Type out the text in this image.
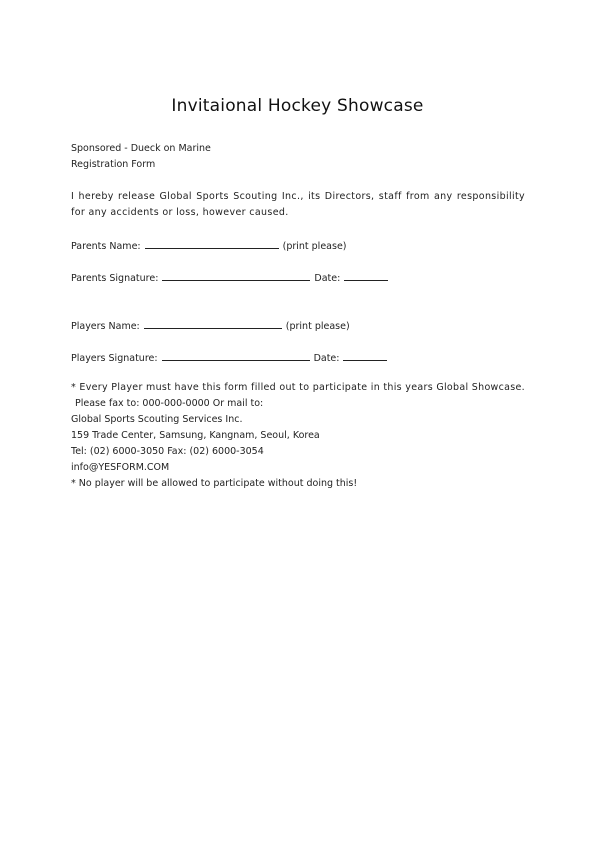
Invitaional Hockey Showcase
Sponsored - Dueck on Marine
Registration Form
I hereby release Global Sports Scouting Inc., its Directors, staff from any responsibility for any accidents or loss, however caused.
Parents Name:	(print please)
Parents Signature:	Date:
Players Name:	(print please)
Players Signature:	Date:
* Every Player must have this form filled out to participate in this years Global Showcase.
Please fax to: 000-000-0000 Or mail to:
Global Sports Scouting Services Inc.
159 Trade Center, Samsung, Kangnam, Seoul, Korea
Tel: (02) 6000-3050 Fax: (02) 6000-3054
info@YESFORM.COM
* No player will be allowed to participate without doing this!
